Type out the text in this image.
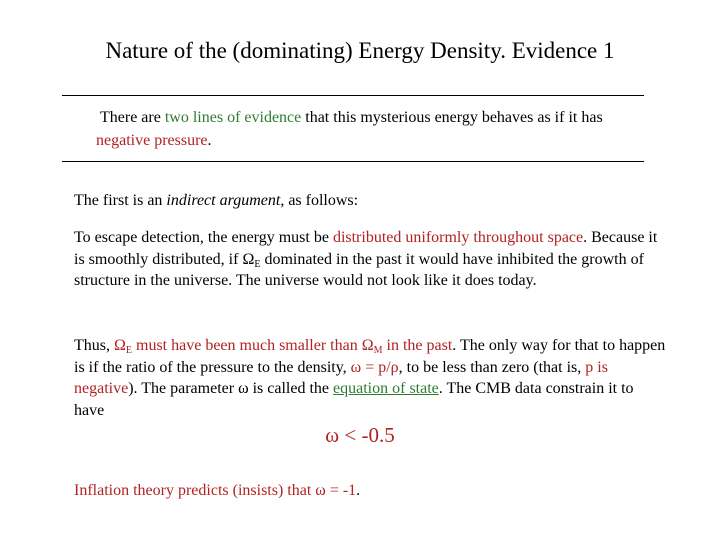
Nature of the (dominating) Energy Density. Evidence 1
There are two lines of evidence that this mysterious energy behaves as if it has negative pressure.
The first is an indirect argument, as follows:
To escape detection, the energy must be distributed uniformly throughout space. Because it is smoothly distributed, if $\Omega_E$ dominated in the past it would have inhibited the growth of structure in the universe. The universe would not look like it does today.
Thus, $\Omega_E$ must have been much smaller than $\Omega_M$ in the past. The only way for that to happen is if the ratio of the pressure to the density, ω = p/ρ, to be less than zero (that is, p is negative). The parameter ω is called the equation of state. The CMB data constrain it to have
ω < -0.5
Inflation theory predicts (insists) that ω = -1.
